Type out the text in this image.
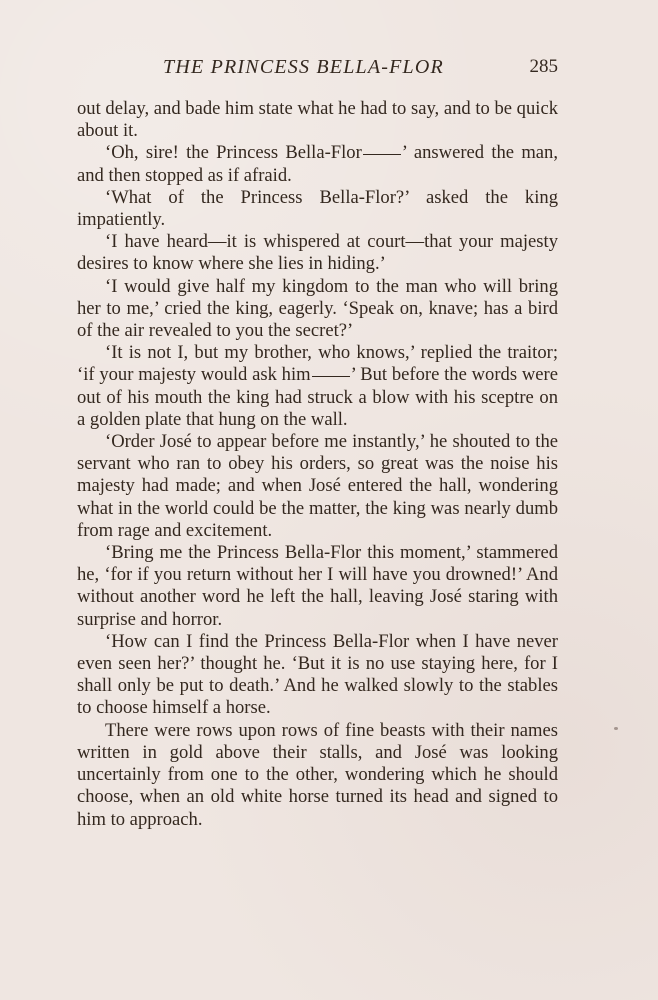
THE PRINCESS BELLA-FLOR	285

out delay, and bade him state what he had to say, and to be quick about it.

‘Oh, sire! the Princess Bella-Flor ’ answered the man, and then stopped as if afraid.

‘What of the Princess Bella-Flor?’ asked the king impatiently.

‘I have heard—it is whispered at court—that your majesty desires to know where she lies in hiding.’

‘I would give half my kingdom to the man who will bring her to me,’ cried the king, eagerly. ‘Speak on, knave; has a bird of the air revealed to you the secret?’

‘It is not I, but my brother, who knows,’ replied the traitor; ‘if your majesty would ask him ’ But before the words were out of his mouth the king had struck a blow with his sceptre on a golden plate that hung on the wall.

‘Order José to appear before me instantly,’ he shouted to the servant who ran to obey his orders, so great was the noise his majesty had made; and when José entered the hall, wondering what in the world could be the matter, the king was nearly dumb from rage and excitement.

‘Bring me the Princess Bella-Flor this moment,’ stammered he, ‘for if you return without her I will have you drowned!’ And without another word he left the hall, leaving José staring with surprise and horror.

‘How can I find the Princess Bella-Flor when I have never even seen her?’ thought he. ‘But it is no use staying here, for I shall only be put to death.’ And he walked slowly to the stables to choose himself a horse.

There were rows upon rows of fine beasts with their names written in gold above their stalls, and José was looking uncertainly from one to the other, wondering which he should choose, when an old white horse turned its head and signed to him to approach.
